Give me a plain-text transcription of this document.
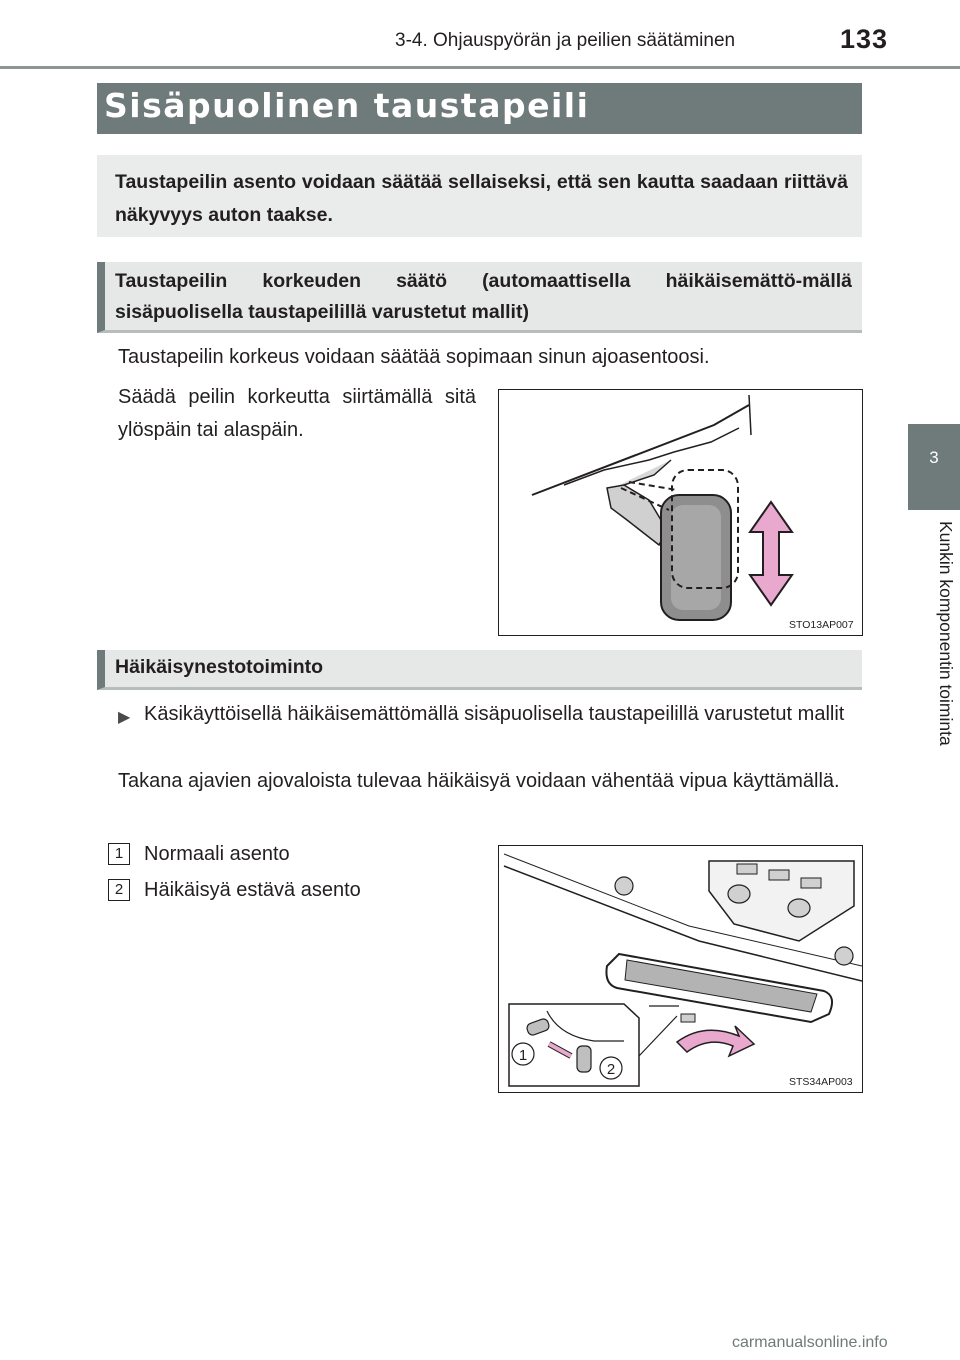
3-4. Ohjauspyörän ja peilien säätäminen	133
3
Kunkin komponentin toiminta
Sisäpuolinen taustapeili
Taustapeilin asento voidaan säätää sellaiseksi, että sen kautta saadaan riittävä näkyvyys auton taakse.
Taustapeilin korkeuden säätö (automaattisella häikäisemättö-mällä sisäpuolisella taustapeilillä varustetut mallit)
Taustapeilin korkeus voidaan säätää sopimaan sinun ajoasentoosi.
Säädä peilin korkeutta siirtämällä sitä ylöspäin tai alaspäin.
STO13AP007
Häikäisynestotoiminto
▶ Käsikäyttöisellä häikäisemättömällä sisäpuolisella taustapeilillä varustetut mallit
Takana ajavien ajovaloista tulevaa häikäisyä voidaan vähentää vipua käyttämällä.
1	Normaali asento
2	Häikäisyä estävä asento
1
2
STS34AP003
carmanualsonline.info
